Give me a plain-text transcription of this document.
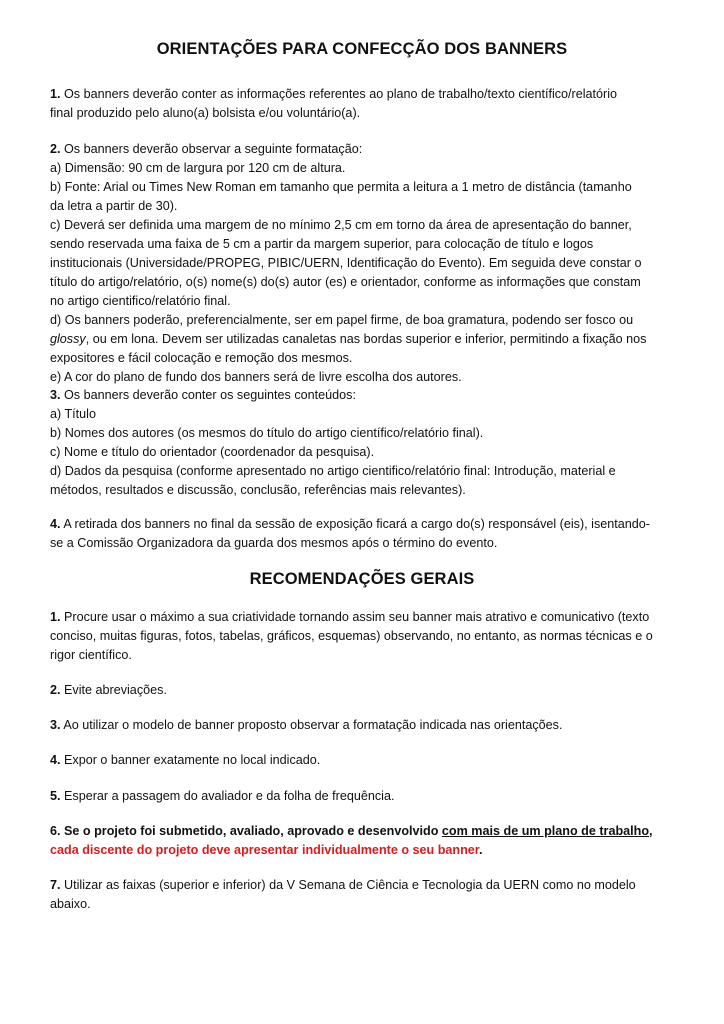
ORIENTAÇÕES PARA CONFECÇÃO DOS BANNERS
1. Os banners deverão conter as informações referentes ao plano de trabalho/texto científico/relatório
final produzido pelo aluno(a) bolsista e/ou voluntário(a).
2. Os banners deverão observar a seguinte formatação:
a) Dimensão: 90 cm de largura por 120 cm de altura.
b) Fonte: Arial ou Times New Roman em tamanho que permita a leitura a 1 metro de distância (tamanho
da letra a partir de 30).
c) Deverá ser definida uma margem de no mínimo 2,5 cm em torno da área de apresentação do banner,
sendo reservada uma faixa de 5 cm a partir da margem superior, para colocação de título e logos
institucionais (Universidade/PROPEG, PIBIC/UERN, Identificação do Evento). Em seguida deve constar o
título do artigo/relatório, o(s) nome(s) do(s) autor (es) e orientador, conforme as informações que constam
no artigo cientifico/relatório final.
d) Os banners poderão, preferencialmente, ser em papel firme, de boa gramatura, podendo ser fosco ou
glossy, ou em lona. Devem ser utilizadas canaletas nas bordas superior e inferior, permitindo a fixação nos
expositores e fácil colocação e remoção dos mesmos.
e) A cor do plano de fundo dos banners será de livre escolha dos autores.
3. Os banners deverão conter os seguintes conteúdos:
a) Título
b) Nomes dos autores (os mesmos do título do artigo científico/relatório final).
c) Nome e título do orientador (coordenador da pesquisa).
d) Dados da pesquisa (conforme apresentado no artigo cientifico/relatório final: Introdução, material e
métodos, resultados e discussão, conclusão, referências mais relevantes).
4. A retirada dos banners no final da sessão de exposição ficará a cargo do(s) responsável (eis), isentando-
se a Comissão Organizadora da guarda dos mesmos após o término do evento.
RECOMENDAÇÕES GERAIS
1. Procure usar o máximo a sua criatividade tornando assim seu banner mais atrativo e comunicativo (texto
conciso, muitas figuras, fotos, tabelas, gráficos, esquemas) observando, no entanto, as normas técnicas e o
rigor científico.
2. Evite abreviações.
3. Ao utilizar o modelo de banner proposto observar a formatação indicada nas orientações.
4. Expor o banner exatamente no local indicado.
5. Esperar a passagem do avaliador e da folha de frequência.
6. Se o projeto foi submetido, avaliado, aprovado e desenvolvido com mais de um plano de trabalho,
cada discente do projeto deve apresentar individualmente o seu banner.
7. Utilizar as faixas (superior e inferior) da V Semana de Ciência e Tecnologia da UERN como no modelo
abaixo.
